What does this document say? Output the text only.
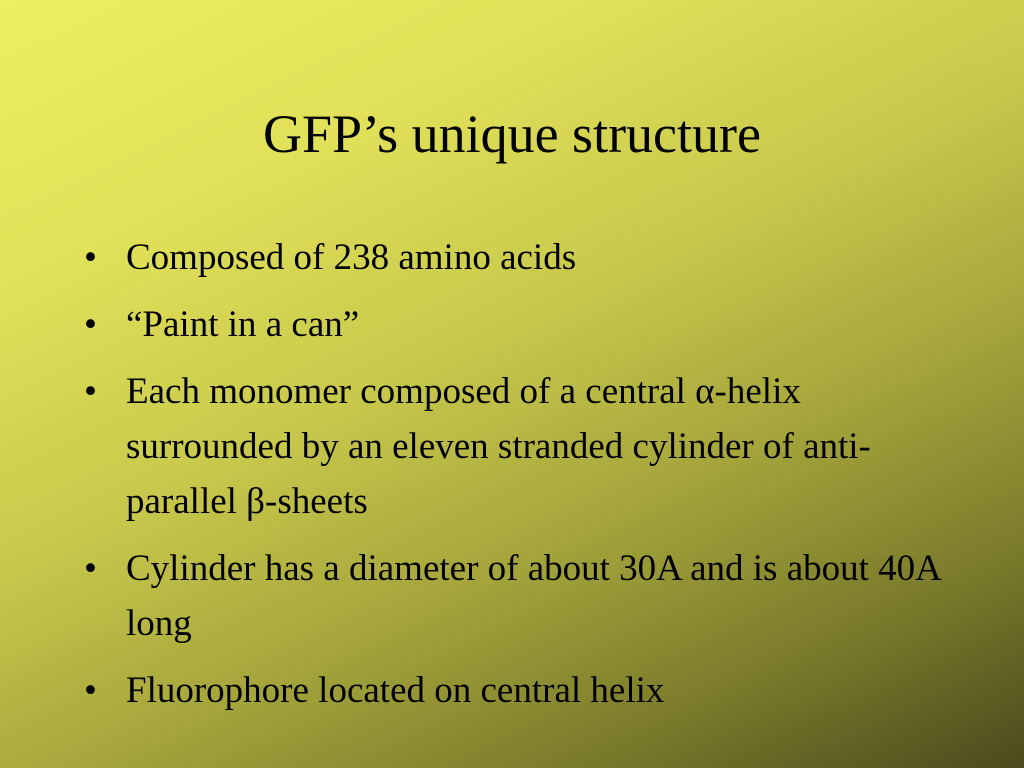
GFP’s unique structure
• Composed of 238 amino acids
• “Paint in a can”
• Each monomer composed of a central α-helix surrounded by an eleven stranded cylinder of anti-parallel β-sheets
• Cylinder has a diameter of about 30A and is about 40A long
• Fluorophore located on central helix
